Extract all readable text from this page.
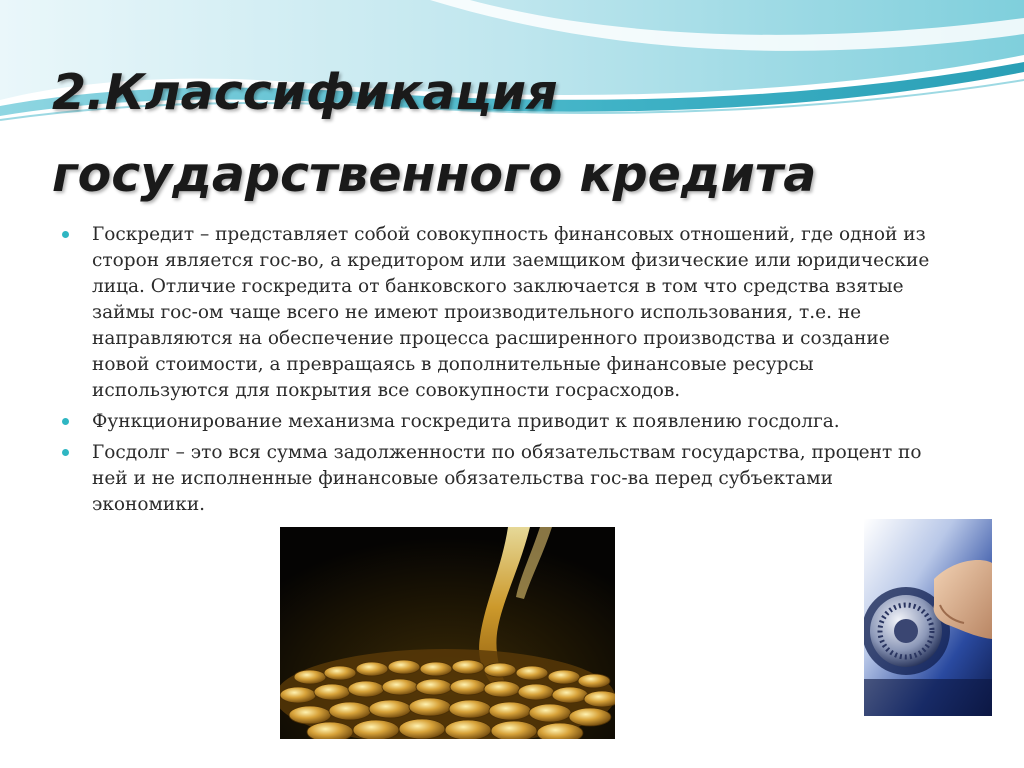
2.Классификация
государственного кредита
Госкредит – представляет собой совокупность финансовых отношений, где одной из сторон является гос-во, а кредитором или заемщиком физические или юридические лица. Отличие госкредита от банковского заключается в том что средства взятые займы гос-ом чаще всего не имеют производительного использования, т.е. не направляются на обеспечение процесса расширенного производства и создание новой стоимости, а превращаясь в дополнительные финансовые ресурсы используются для покрытия все совокупности госрасходов.
Функционирование механизма госкредита приводит к появлению госдолга.
Госдолг – это вся сумма задолженности по обязательствам государства, процент по ней и не исполненные финансовые обязательства гос-ва перед субъектами экономики.
